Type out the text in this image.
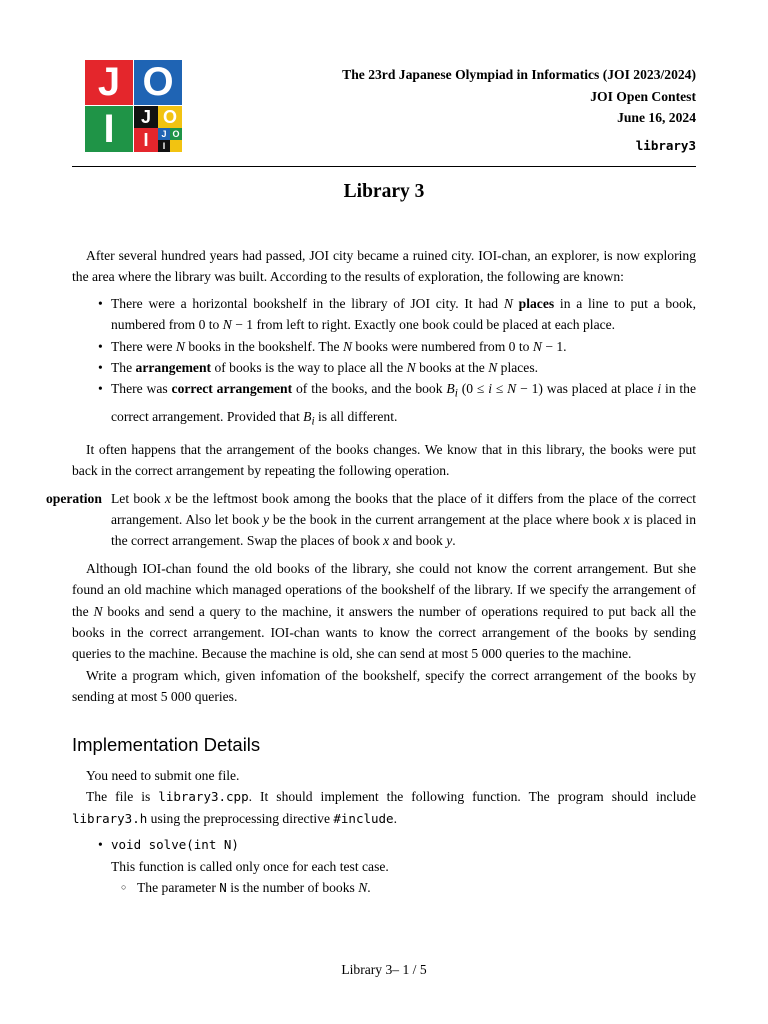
J O
I	J O
I	J O
I
The 23rd Japanese Olympiad in Informatics (JOI 2023/2024)
JOI Open Contest
June 16, 2024
library3
Library 3

After several hundred years had passed, JOI city became a ruined city. IOI-chan, an explorer, is now exploring the area where the library was built. According to the results of exploration, the following are known:

• There were a horizontal bookshelf in the library of JOI city. It had N places in a line to put a book, numbered from 0 to N − 1 from left to right. Exactly one book could be placed at each place.
• There were N books in the bookshelf. The N books were numbered from 0 to N − 1.
• The arrangement of books is the way to place all the N books at the N places.
• There was correct arrangement of the books, and the book $B_i$ (0 ≤ i ≤ N − 1) was placed at place i in the correct arrangement. Provided that $B_i$ is all different.

It often happens that the arrangement of the books changes. We know that in this library, the books were put back in the correct arrangement by repeating the following operation.

operation Let book x be the leftmost book among the books that the place of it differs from the place of the correct arrangement. Also let book y be the book in the current arrangement at the place where book x is placed in the correct arrangement. Swap the places of book x and book y.

Although IOI-chan found the old books of the library, she could not know the corrent arrangement. But she found an old machine which managed operations of the bookshelf of the library. If we specify the arrangement of the N books and send a query to the machine, it answers the number of operations required to put back all the books in the correct arrangement. IOI-chan wants to know the correct arrangement of the books by sending queries to the machine. Because the machine is old, she can send at most 5 000 queries to the machine.

Write a program which, given infomation of the bookshelf, specify the correct arrangement of the books by sending at most 5 000 queries.

Implementation Details

You need to submit one file.

The file is library3.cpp. It should implement the following function. The program should include library3.h using the preprocessing directive #include.

• void solve(int N)
This function is called only once for each test case.
○ The parameter N is the number of books N.
Library 3– 1 / 5
